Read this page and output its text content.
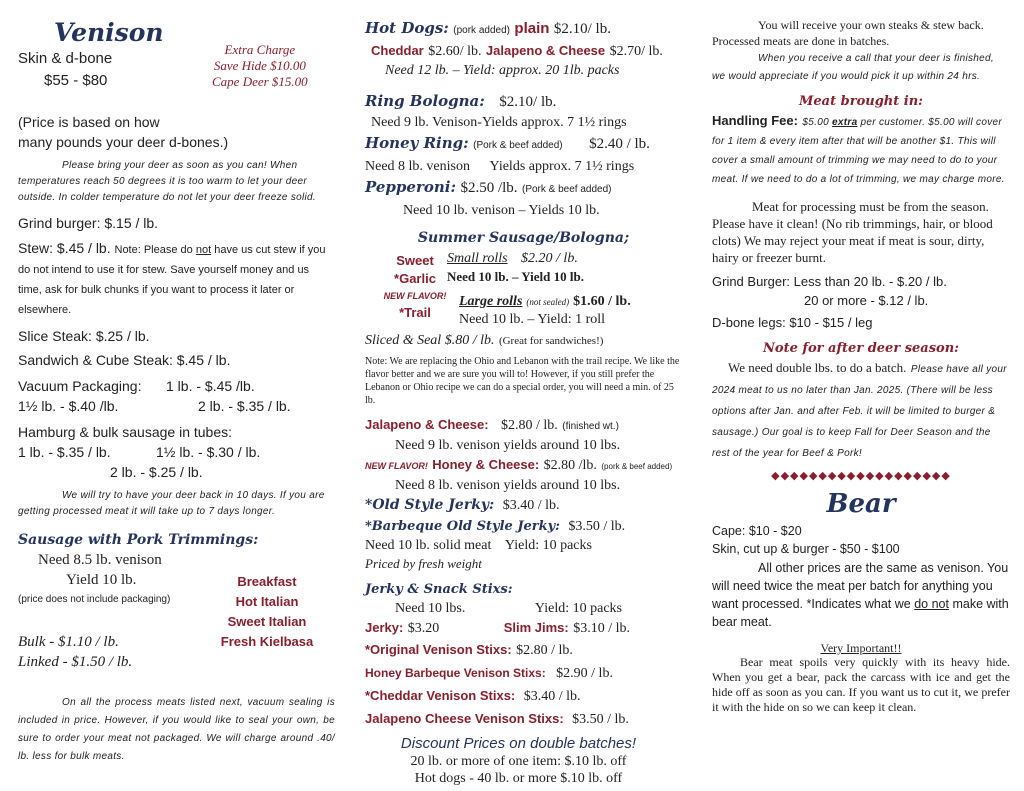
Venison
Skin & d-bone
$55 - $80
Extra Charge
Save Hide $10.00
Cape Deer $15.00
(Price is based on how
many pounds your deer d-bones.)

Please bring your deer as soon as you can! When temperatures reach 50 degrees it is too warm to let your deer outside. In colder temperature do not let your deer freeze solid.

Grind burger: $.15 / lb.
Stew: $.45 / lb. Note: Please do not have us cut stew if you do not intend to use it for stew. Save yourself money and us time, ask for bulk chunks if you want to process it later or elsewhere.
Slice Steak: $.25 / lb.
Sandwich & Cube Steak: $.45 / lb.
Vacuum Packaging:	1 lb. - $.45 /lb.
1½ lb. - $.40 /lb.	2 lb. - $.35 / lb.
Hamburg & bulk sausage in tubes:
1 lb. - $.35 / lb.	1½ lb. - $.30 / lb.
2 lb. - $.25 / lb.

We will try to have your deer back in 10 days. If you are getting processed meat it will take up to 7 days longer.

Sausage with Pork Trimmings:
Need 8.5 lb. venison
Yield 10 lb.
(price does not include packaging)
Bulk - $1.10 / lb.
Linked - $1.50 / lb.
Breakfast
Hot Italian
Sweet Italian
Fresh Kielbasa

On all the process meats listed next, vacuum sealing is included in price. However, if you would like to seal your own, be sure to order your meat not packaged. We will charge around .40/ lb. less for bulk meats.

Hot Dogs: (pork added) plain $2.10/ lb.
Cheddar $2.60/ lb. Jalapeno & Cheese $2.70/ lb.
Need 12 lb. – Yield: approx. 20 1lb. packs
Ring Bologna: $2.10/ lb.
Need 9 lb. Venison-Yields approx. 7 1½ rings
Honey Ring: (Pork & beef added) $2.40 / lb.
Need 8 lb. venison Yields approx. 7 1½ rings
Pepperoni: $2.50 /lb. (Pork & beef added)
Need 10 lb. venison – Yields 10 lb.
Summer Sausage/Bologna;
Sweet
*Garlic
NEW FLAVOR!
*Trail
Small rolls $2.20 / lb.
Need 10 lb. – Yield 10 lb.
Large rolls (not sealed) $1.60 / lb.
Need 10 lb. – Yield: 1 roll
Sliced & Seal $.80 / lb. (Great for sandwiches!)

Note: We are replacing the Ohio and Lebanon with the trail recipe. We like the flavor better and we are sure you will to! However, if you still prefer the Lebanon or Ohio recipe we can do a special order, you will need a min. of 25 lb.

Jalapeno & Cheese: $2.80 / lb. (finished wt.)
Need 9 lb. venison yields around 10 lbs.
NEW FLAVOR! Honey & Cheese: $2.80 /lb. (pork & beef added)
Need 8 lb. venison yields around 10 lbs.
*Old Style Jerky: $3.40 / lb.
*Barbeque Old Style Jerky: $3.50 / lb.
Need 10 lb. solid meat Yield: 10 packs
Priced by fresh weight
Jerky & Snack Stixs:
Need 10 lbs.	Yield: 10 packs
Jerky: $3.20	Slim Jims: $3.10 / lb.
*Original Venison Stixs: $2.80 / lb.
Honey Barbeque Venison Stixs: $2.90 / lb.
*Cheddar Venison Stixs: $3.40 / lb.
Jalapeno Cheese Venison Stixs: $3.50 / lb.
Discount Prices on double batches!
20 lb. or more of one item: $.10 lb. off
Hot dogs - 40 lb. or more $.10 lb. off

You will receive your own steaks & stew back. Processed meats are done in batches.

When you receive a call that your deer is finished, we would appreciate if you would pick it up within 24 hrs.

Meat brought in:
Handling Fee: $5.00 extra per customer. $5.00 will cover for 1 item & every item after that will be another $1. This will cover a small amount of trimming we may need to do to your meat. If we need to do a lot of trimming, we may charge more.

Meat for processing must be from the season. Please have it clean! (No rib trimmings, hair, or blood clots) We may reject your meat if meat is sour, dirty, hairy or freezer burnt.

Grind Burger: Less than 20 lb. - $.20 / lb.
20 or more - $.12 / lb.
D-bone legs: $10 - $15 / leg
Note for after deer season:
We need double lbs. to do a batch. Please have all your 2024 meat to us no later than Jan. 2025. (There will be less options after Jan. and after Feb. it will be limited to burger & sausage.) Our goal is to keep Fall for Deer Season and the rest of the year for Beef & Pork!
◆◆◆◆◆◆◆◆◆◆◆◆◆◆◆◆◆◆◆
Bear
Cape: $10 - $20
Skin, cut up & burger - $50 - $100
All other prices are the same as venison. You will need twice the meat per batch for anything you want processed. *Indicates what we do not make with bear meat.
Very Important!!

Bear meat spoils very quickly with its heavy hide. When you get a bear, pack the carcass with ice and get the hide off as soon as you can. If you want us to cut it, we prefer it with the hide on so we can keep it clean.
